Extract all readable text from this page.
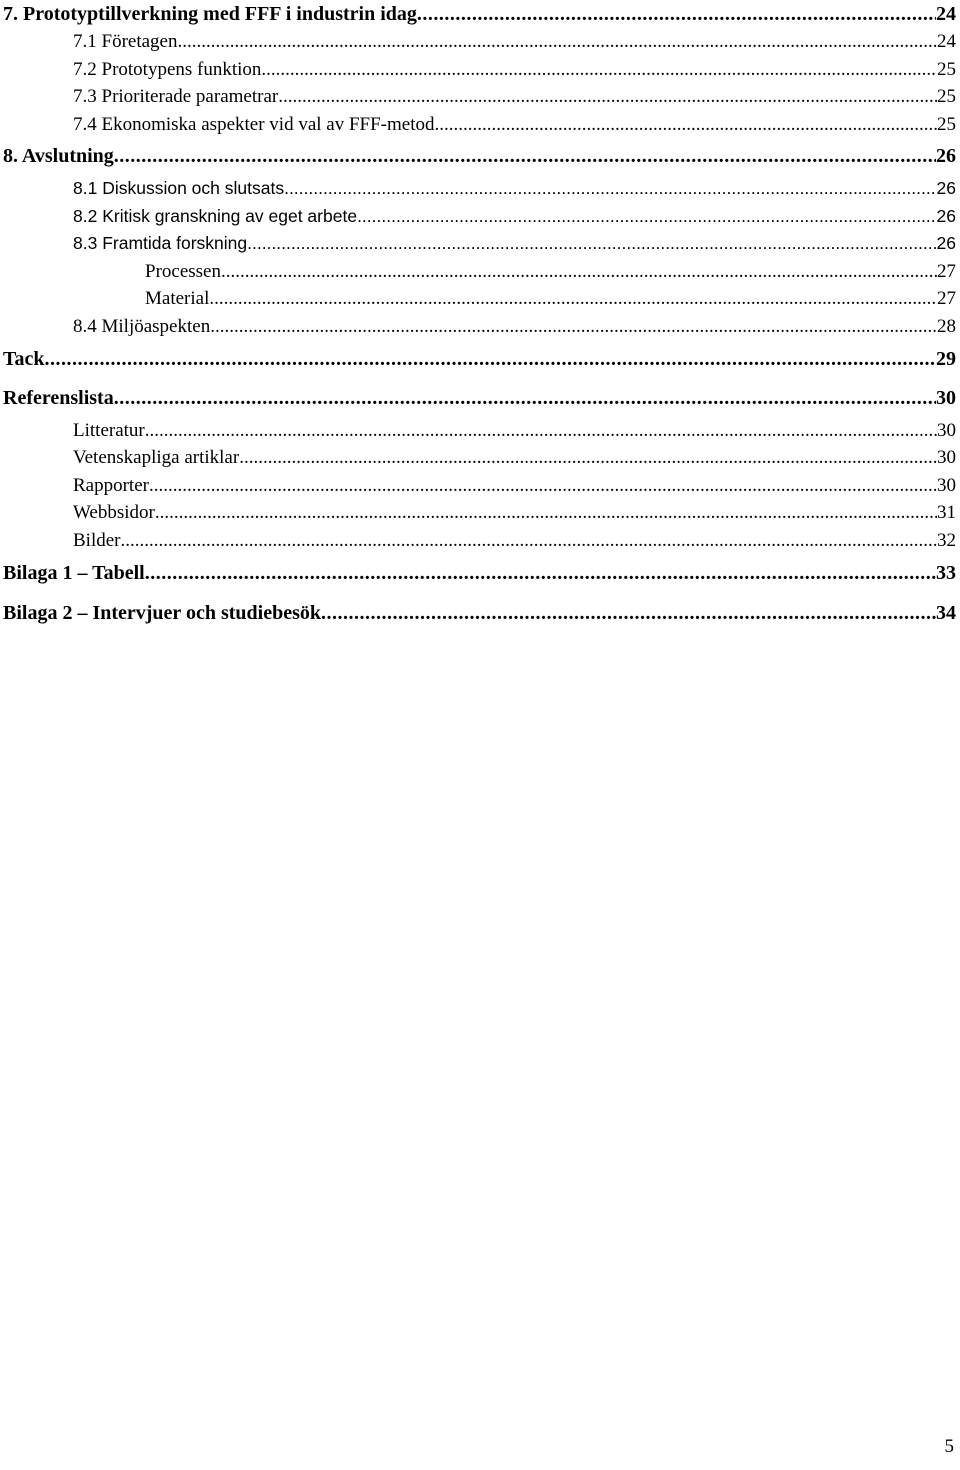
7. Prototyptillverkning med FFF i industrin idag .....	24
7.1 Företagen .....	24
7.2 Prototypens funktion .....	25
7.3 Prioriterade parametrar .....	25
7.4 Ekonomiska aspekter vid val av FFF-metod .....	25
8. Avslutning .....	26
8.1 Diskussion och slutsats .....	26
8.2 Kritisk granskning av eget arbete .....	26
8.3 Framtida forskning .....	26
Processen .....	27
Material .....	27
8.4 Miljöaspekten .....	28
Tack .....	29
Referenslista .....	30
Litteratur .....	30
Vetenskapliga artiklar .....	30
Rapporter .....	30
Webbsidor .....	31
Bilder .....	32
Bilaga 1 – Tabell .....	33
Bilaga 2 – Intervjuer och studiebesök .....	34
5
